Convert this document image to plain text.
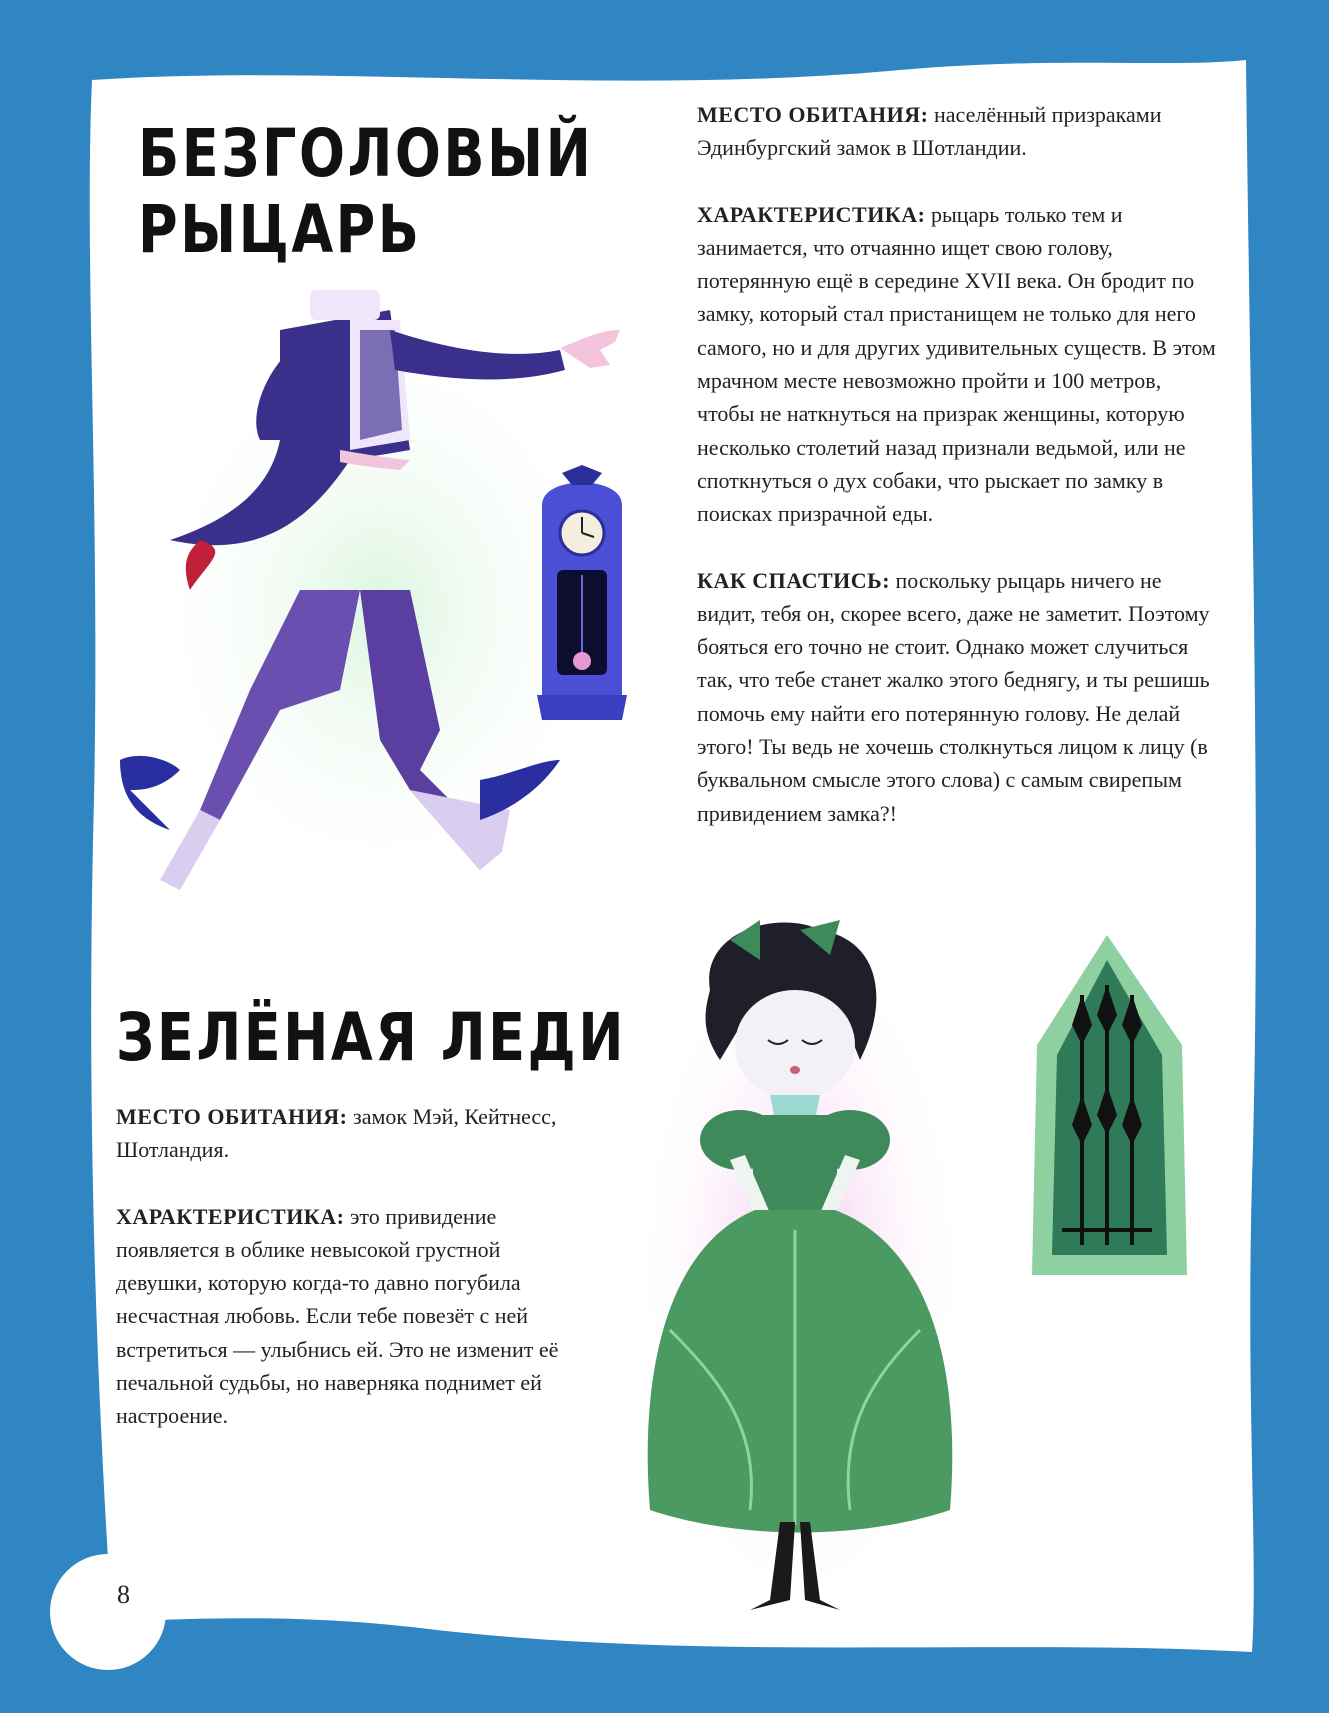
БЕЗГОЛОВЫЙ
РЫЦАРЬ

МЕСТО ОБИТАНИЯ: населённый призраками Эдинбургский замок в Шотландии.

ХАРАКТЕРИСТИКА: рыцарь только тем и занимается, что отчаянно ищет свою голову, потерянную ещё в середине XVII века. Он бродит по замку, который стал пристанищем не только для него самого, но и для других удивительных существ. В этом мрачном месте невозможно пройти и 100 метров, чтобы не наткнуться на призрак женщины, которую несколько столетий назад признали ведьмой, или не споткнуться о дух собаки, что рыскает по замку в поисках призрачной еды.

КАК СПАСТИСЬ: поскольку рыцарь ничего не видит, тебя он, скорее всего, даже не заметит. Поэтому бояться его точно не стоит. Однако может случиться так, что тебе станет жалко этого беднягу, и ты решишь помочь ему найти его потерянную голову. Не делай этого! Ты ведь не хочешь столкнуться лицом к лицу (в буквальном смысле этого слова) с самым свирепым привидением замка?!

ЗЕЛЁНАЯ ЛЕДИ

МЕСТО ОБИТАНИЯ: замок Мэй, Кейтнесс, Шотландия.

ХАРАКТЕРИСТИКА: это привидение появляется в облике невысокой грустной девушки, которую когда-то давно погубила несчастная любовь. Если тебе повезёт с ней встретиться — улыбнись ей. Это не изменит её печальной судьбы, но наверняка поднимет ей настроение.

8
